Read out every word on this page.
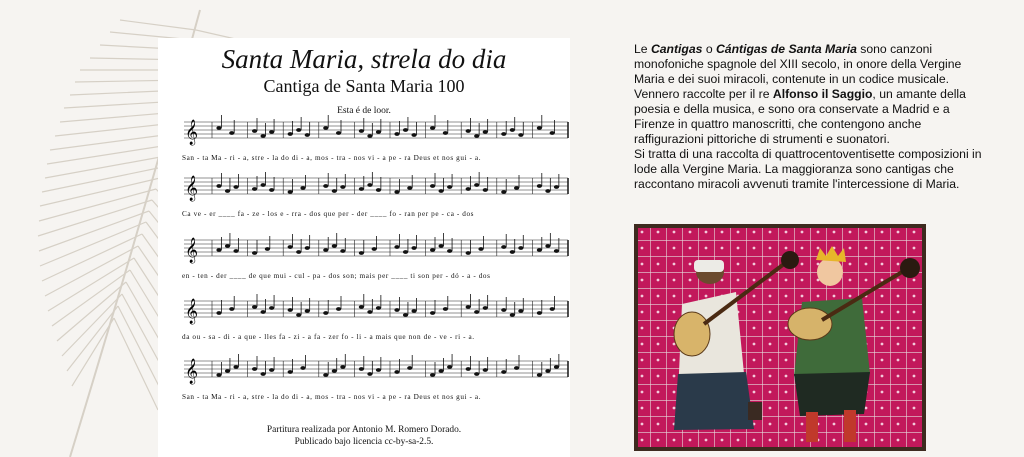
Santa Maria, strela do dia
Cantiga de Santa Maria 100
Esta é de loor.
𝄞
𝄞
𝄞
𝄞
𝄞
San - ta Ma - ri - a, stre - la do di - a, mos - tra - nos vi - a pe - ra Deus et nos gui - a.
Ca ve - er ____ fa - ze - los e - rra - dos que per - der ____ fo - ran per pe - ca - dos
en - ten - der ____ de que mui - cul - pa - dos son; mais per ____ ti son per - dó - a - dos
da ou - sa - di - a que - lles fa - zi - a fa - zer fo - li - a mais que non de - ve - ri - a.
San - ta Ma - ri - a, stre - la do di - a, mos - tra - nos vi - a pe - ra Deus et nos gui - a.
Partitura realizada por Antonio M. Romero Dorado.
Publicado bajo licencia cc-by-sa-2.5.

Le Cantigas o Cántigas de Santa Maria sono canzoni monofoniche spagnole del XIII secolo, in onore della Vergine Maria e dei suoi miracoli, contenute in un codice musicale. Vennero raccolte per il re Alfonso il Saggio, un amante della poesia e della musica, e sono ora conservate a Madrid e a Firenze in quattro manoscritti, che contengono anche raffigurazioni pittoriche di strumenti e suonatori.

Si tratta di una raccolta di quattrocentoventisette composizioni in lode alla Vergine Maria. La maggioranza sono cantigas che raccontano miracoli avvenuti tramite l'intercessione di Maria.
